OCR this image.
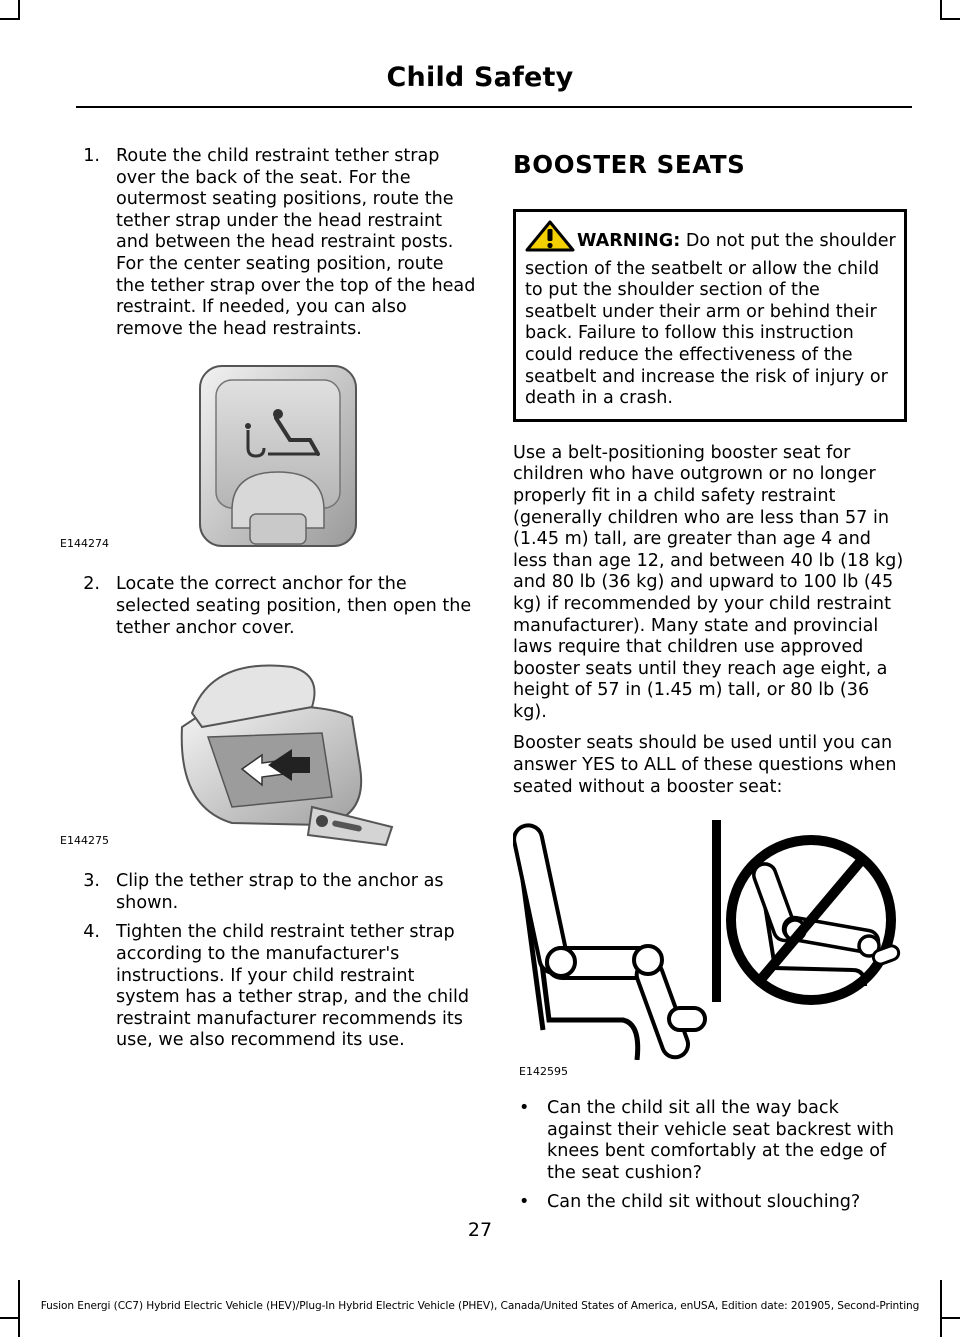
Child Safety
1. Route the child restraint tether strap over the back of the seat. For the outermost seating positions, route the tether strap under the head restraint and between the head restraint posts. For the center seating position, route the tether strap over the top of the head restraint. If needed, you can also remove the head restraints.
E144274
2. Locate the correct anchor for the selected seating position, then open the tether anchor cover.
E144275
3. Clip the tether strap to the anchor as shown.
4. Tighten the child restraint tether strap according to the manufacturer's instructions. If your child restraint system has a tether strap, and the child restraint manufacturer recommends its use, we also recommend its use.
BOOSTER SEATS
WARNING: Do not put the shoulder section of the seatbelt or allow the child to put the shoulder section of the seatbelt under their arm or behind their back. Failure to follow this instruction could reduce the effectiveness of the seatbelt and increase the risk of injury or death in a crash.
Use a belt-positioning booster seat for children who have outgrown or no longer properly fit in a child safety restraint (generally children who are less than 57 in (1.45 m) tall, are greater than age 4 and less than age 12, and between 40 lb (18 kg) and 80 lb (36 kg) and upward to 100 lb (45 kg) if recommended by your child restraint manufacturer). Many state and provincial laws require that children use approved booster seats until they reach age eight, a height of 57 in (1.45 m) tall, or 80 lb (36 kg).
Booster seats should be used until you can answer YES to ALL of these questions when seated without a booster seat:
E142595
• Can the child sit all the way back against their vehicle seat backrest with knees bent comfortably at the edge of the seat cushion?
• Can the child sit without slouching?
27
Fusion Energi (CC7) Hybrid Electric Vehicle (HEV)/Plug-In Hybrid Electric Vehicle (PHEV), Canada/United States of America, enUSA, Edition date: 201905, Second-Printing
